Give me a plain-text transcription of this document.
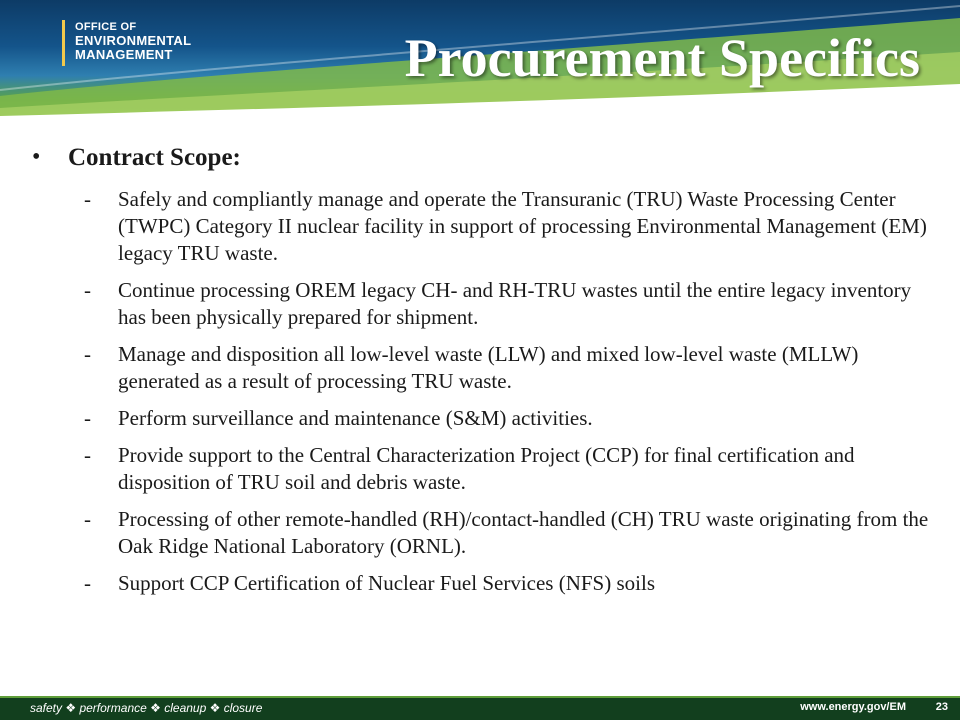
OFFICE OF
ENVIRONMENTAL
MANAGEMENT	Procurement Specifics
• Contract Scope:
- Safely and compliantly manage and operate the Transuranic (TRU) Waste Processing Center (TWPC) Category II nuclear facility in support of processing Environmental Management (EM) legacy TRU waste.
- Continue processing OREM legacy CH- and RH-TRU wastes until the entire legacy inventory has been physically prepared for shipment.
- Manage and disposition all low-level waste (LLW) and mixed low-level waste (MLLW) generated as a result of processing TRU waste.
- Perform surveillance and maintenance (S&M) activities.
- Provide support to the Central Characterization Project (CCP) for final certification and disposition of TRU soil and debris waste.
- Processing of other remote-handled (RH)/contact-handled (CH) TRU waste originating from the Oak Ridge National Laboratory (ORNL).
- Support CCP Certification of Nuclear Fuel Services (NFS) soils
safety ❖ performance ❖ cleanup ❖ closure	www.energy.gov/EM	23
